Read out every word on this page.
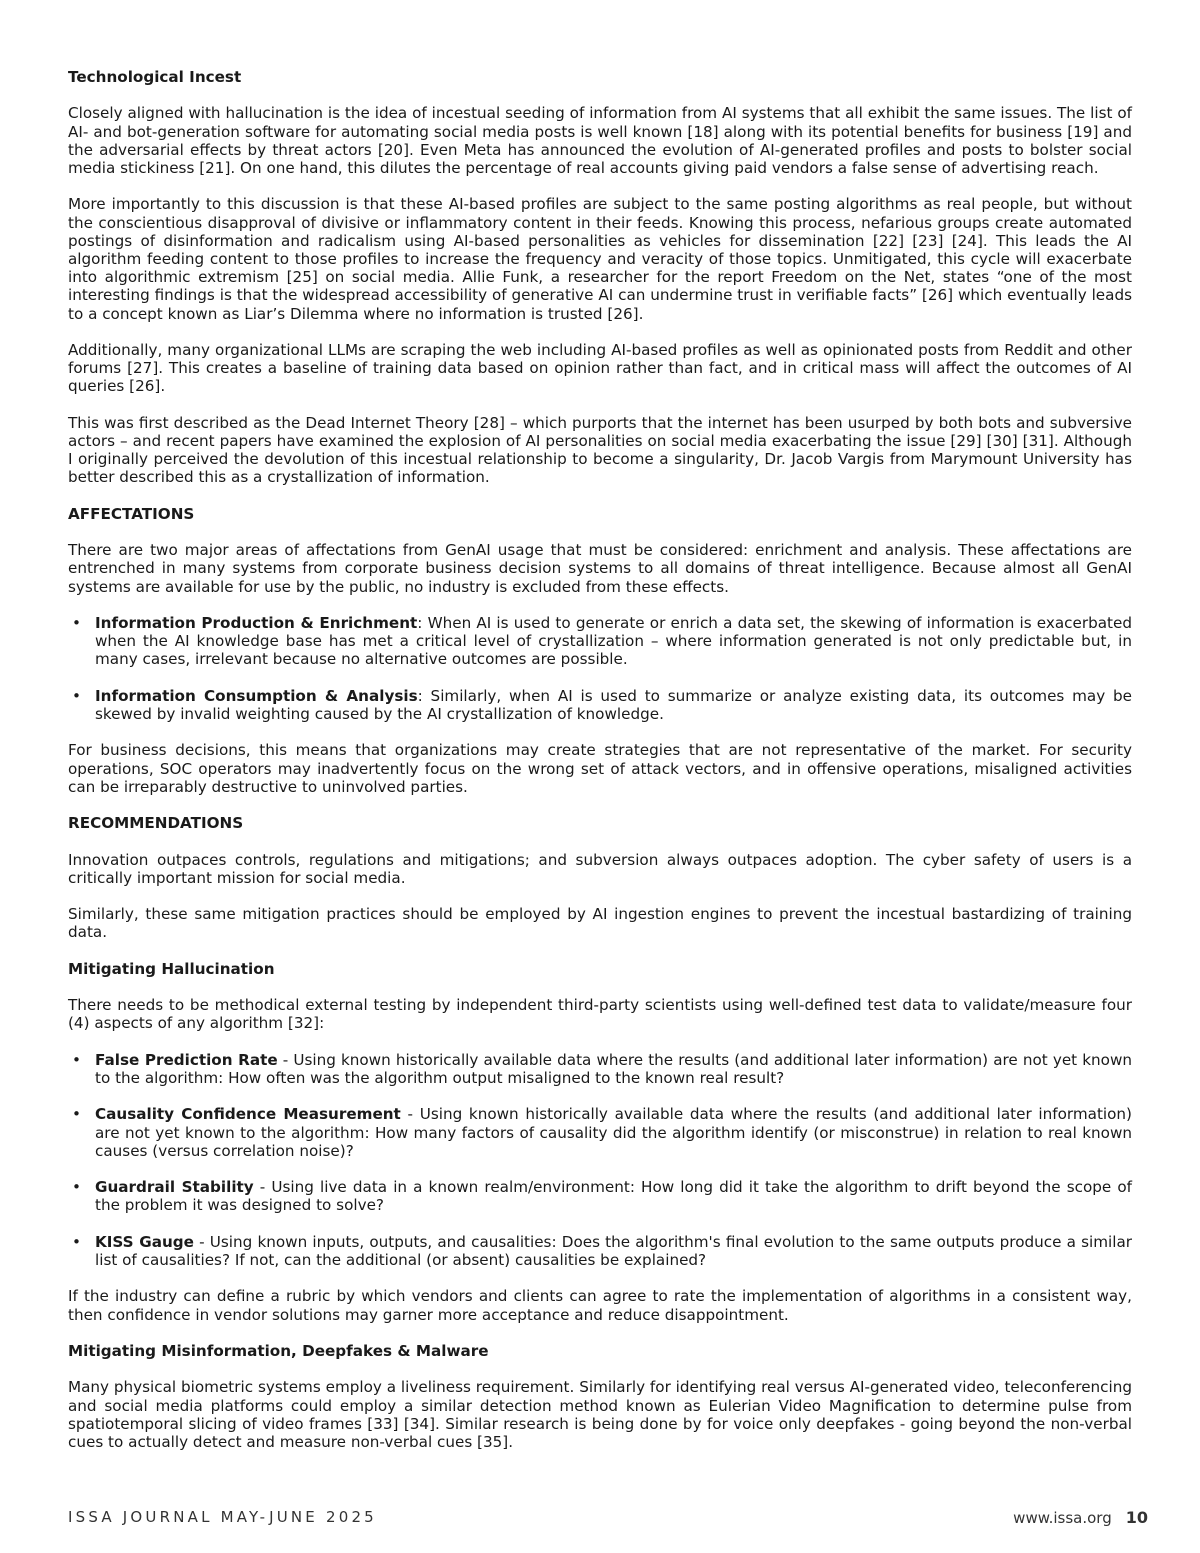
Technological Incest

Closely aligned with hallucination is the idea of incestual seeding of information from AI systems that all exhibit the same issues. The list of AI- and bot-generation software for automating social media posts is well known [18] along with its potential benefits for business [19] and the adversarial effects by threat actors [20]. Even Meta has announced the evolution of AI-generated profiles and posts to bolster social media stickiness [21]. On one hand, this dilutes the percentage of real accounts giving paid vendors a false sense of advertising reach.

More importantly to this discussion is that these AI-based profiles are subject to the same posting algorithms as real people, but without the conscientious disapproval of divisive or inflammatory content in their feeds. Knowing this process, nefarious groups create automated postings of disinformation and radicalism using AI-based personalities as vehicles for dissemination [22] [23] [24]. This leads the AI algorithm feeding content to those profiles to increase the frequency and veracity of those topics. Unmitigated, this cycle will exacerbate into algorithmic extremism [25] on social media. Allie Funk, a researcher for the report Freedom on the Net, states “one of the most interesting findings is that the widespread accessibility of generative AI can undermine trust in verifiable facts” [26] which eventually leads to a concept known as Liar’s Dilemma where no information is trusted [26].

Additionally, many organizational LLMs are scraping the web including AI-based profiles as well as opinionated posts from Reddit and other forums [27]. This creates a baseline of training data based on opinion rather than fact, and in critical mass will affect the outcomes of AI queries [26].

This was first described as the Dead Internet Theory [28] – which purports that the internet has been usurped by both bots and subversive actors – and recent papers have examined the explosion of AI personalities on social media exacerbating the issue [29] [30] [31]. Although I originally perceived the devolution of this incestual relationship to become a singularity, Dr. Jacob Vargis from Marymount University has better described this as a crystallization of information.

AFFECTATIONS

There are two major areas of affectations from GenAI usage that must be considered: enrichment and analysis. These affectations are entrenched in many systems from corporate business decision systems to all domains of threat intelligence. Because almost all GenAI systems are available for use by the public, no industry is excluded from these effects.

• Information Production & Enrichment: When AI is used to generate or enrich a data set, the skewing of information is exacerbated when the AI knowledge base has met a critical level of crystallization – where information generated is not only predictable but, in many cases, irrelevant because no alternative outcomes are possible.
• Information Consumption & Analysis: Similarly, when AI is used to summarize or analyze existing data, its outcomes may be skewed by invalid weighting caused by the AI crystallization of knowledge.

For business decisions, this means that organizations may create strategies that are not representative of the market. For security operations, SOC operators may inadvertently focus on the wrong set of attack vectors, and in offensive operations, misaligned activities can be irreparably destructive to uninvolved parties.

RECOMMENDATIONS

Innovation outpaces controls, regulations and mitigations; and subversion always outpaces adoption. The cyber safety of users is a critically important mission for social media.

Similarly, these same mitigation practices should be employed by AI ingestion engines to prevent the incestual bastardizing of training data.

Mitigating Hallucination

There needs to be methodical external testing by independent third-party scientists using well-defined test data to validate/measure four (4) aspects of any algorithm [32]:

• False Prediction Rate - Using known historically available data where the results (and additional later information) are not yet known to the algorithm: How often was the algorithm output misaligned to the known real result?
• Causality Confidence Measurement - Using known historically available data where the results (and additional later information) are not yet known to the algorithm: How many factors of causality did the algorithm identify (or misconstrue) in relation to real known causes (versus correlation noise)?
• Guardrail Stability - Using live data in a known realm/environment: How long did it take the algorithm to drift beyond the scope of the problem it was designed to solve?
• KISS Gauge - Using known inputs, outputs, and causalities: Does the algorithm's final evolution to the same outputs produce a similar list of causalities? If not, can the additional (or absent) causalities be explained?

If the industry can define a rubric by which vendors and clients can agree to rate the implementation of algorithms in a consistent way, then confidence in vendor solutions may garner more acceptance and reduce disappointment.

Mitigating Misinformation, Deepfakes & Malware

Many physical biometric systems employ a liveliness requirement. Similarly for identifying real versus AI-generated video, teleconferencing and social media platforms could employ a similar detection method known as Eulerian Video Magnification to determine pulse from spatiotemporal slicing of video frames [33] [34]. Similar research is being done by for voice only deepfakes - going beyond the non-verbal cues to actually detect and measure non-verbal cues [35].

ISSA JOURNAL MAY-JUNE 2025	www.issa.org 10
